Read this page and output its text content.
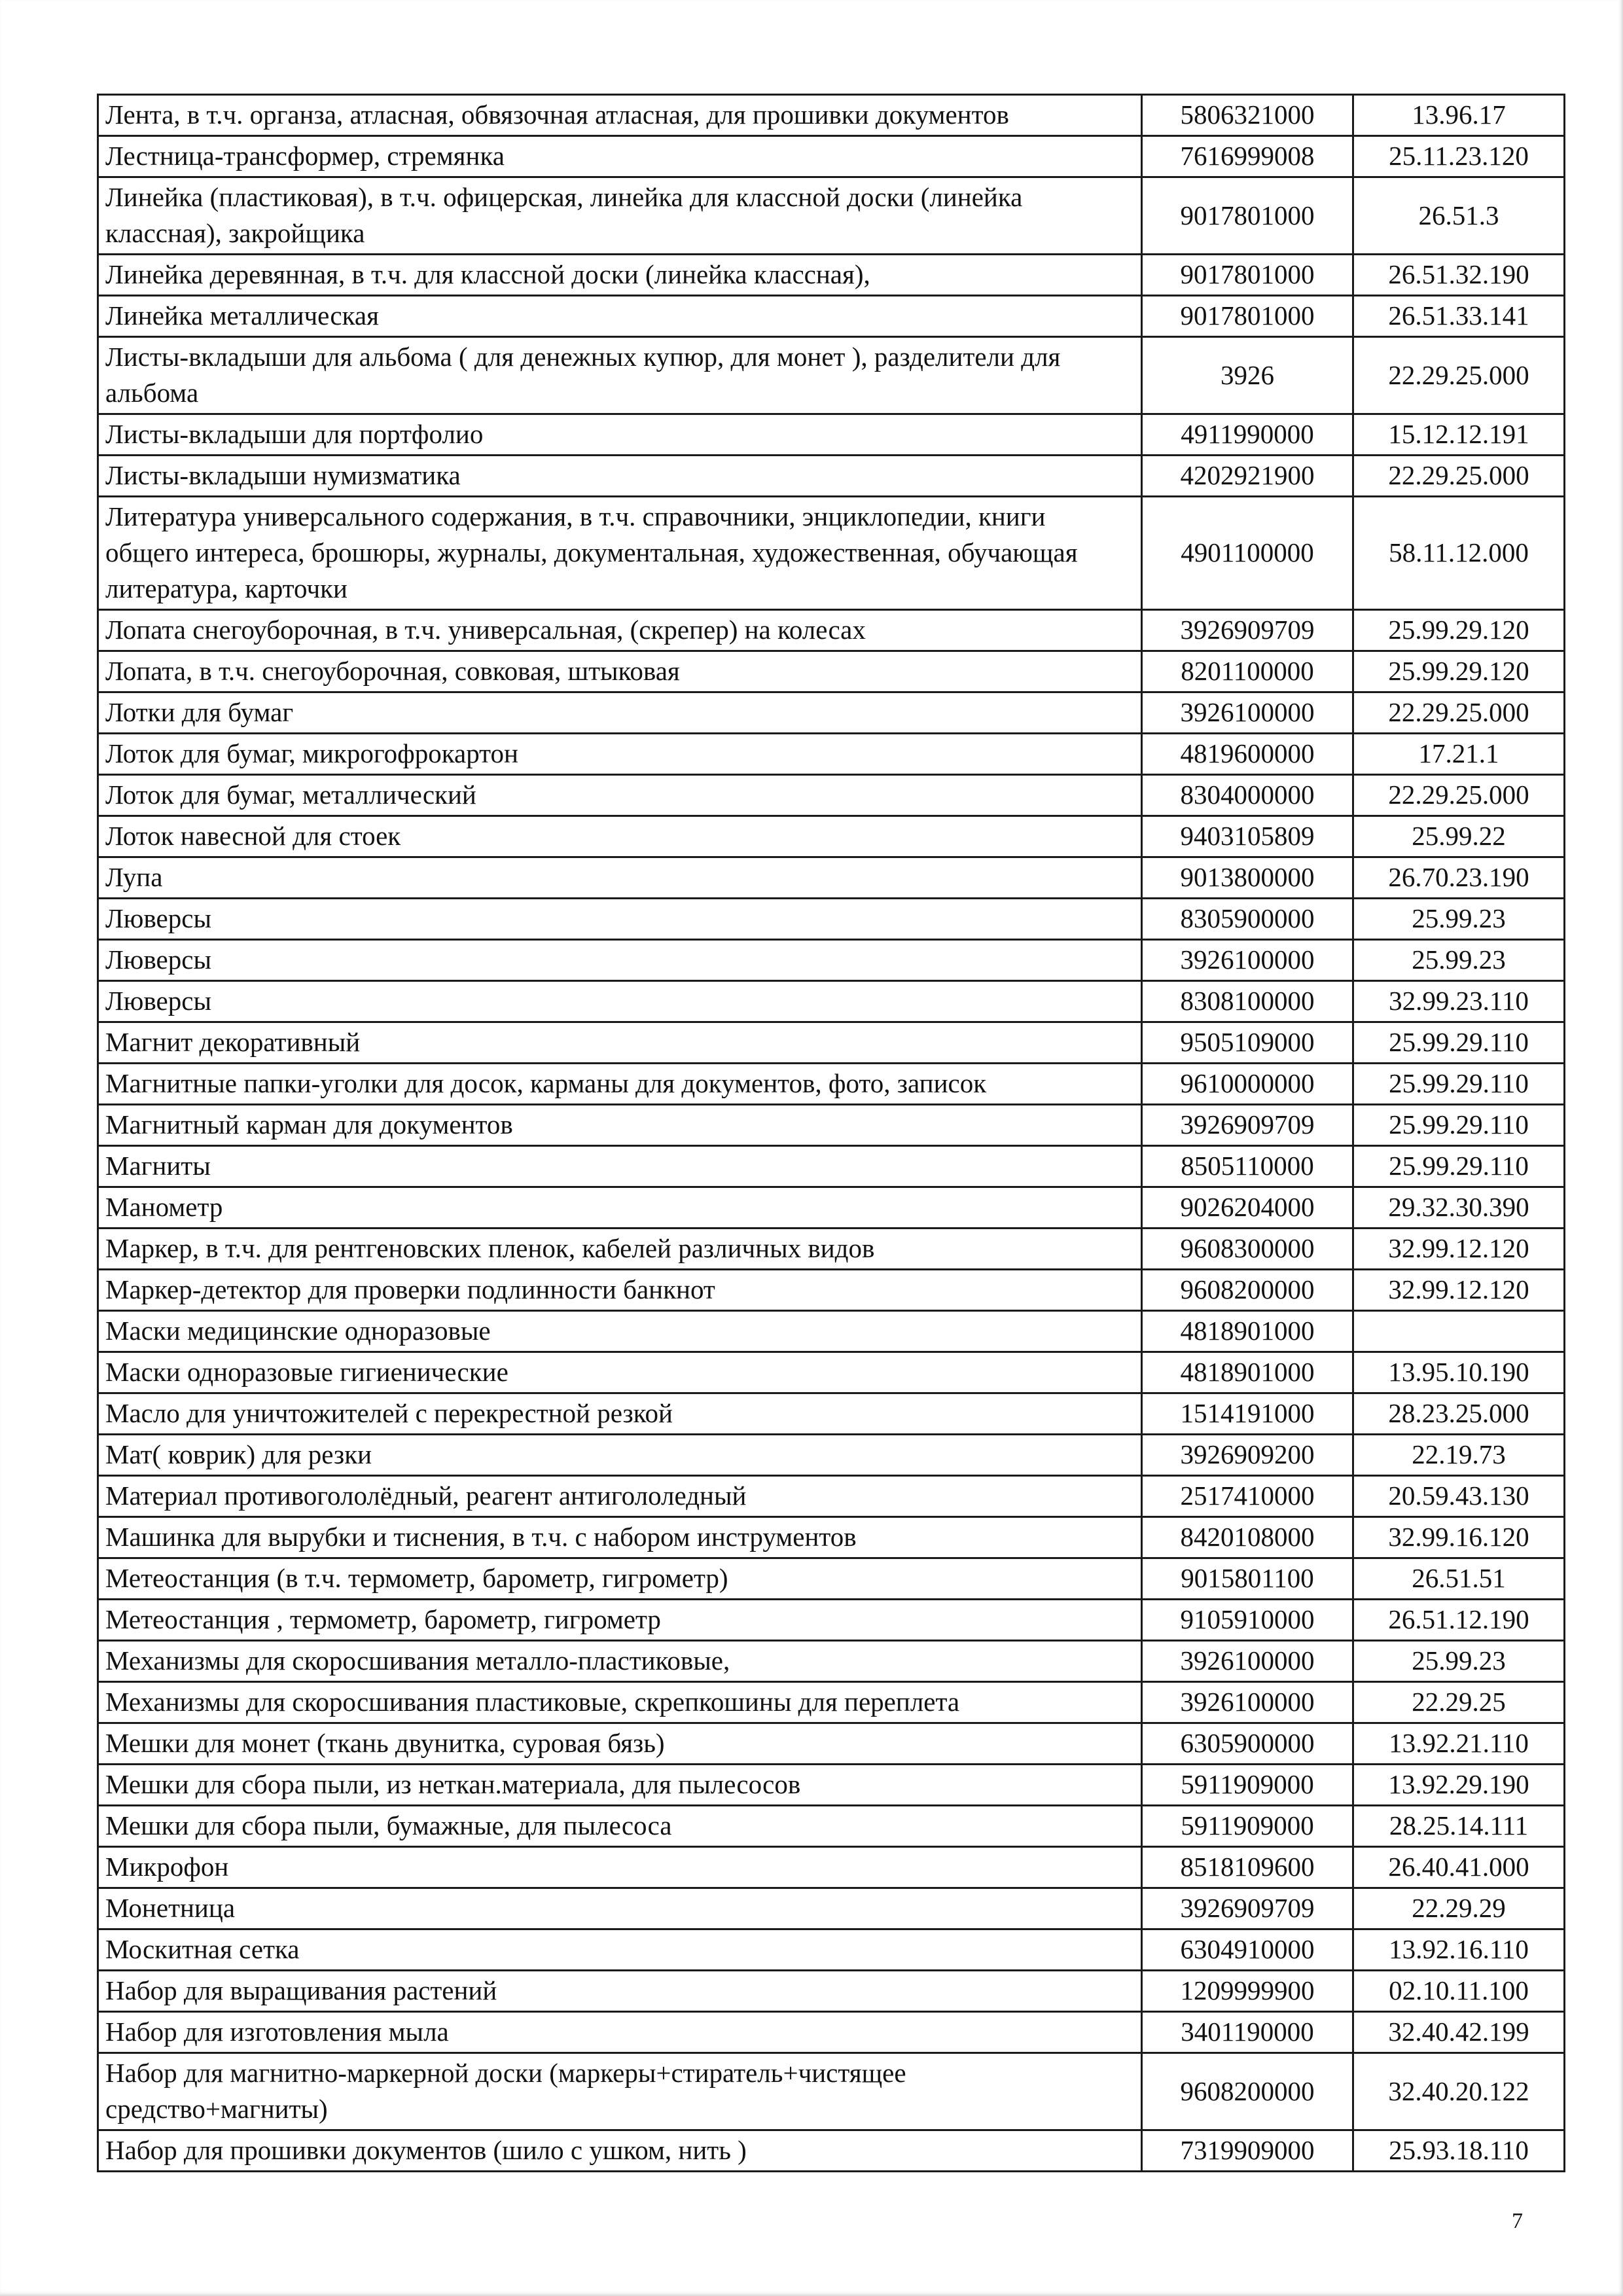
Лента, в т.ч. органза, атласная, обвязочная атласная, для прошивки документов	5806321000	13.96.17
Лестница-трансформер, стремянка	7616999008	25.11.23.120
Линейка (пластиковая), в т.ч. офицерская, линейка для классной доски (линейка классная), закройщика	9017801000	26.51.3
Линейка деревянная, в т.ч. для классной доски (линейка классная),	9017801000	26.51.32.190
Линейка металлическая	9017801000	26.51.33.141
Листы-вкладыши для альбома ( для денежных купюр, для монет ), разделители для альбома	3926	22.29.25.000
Листы-вкладыши для портфолио	4911990000	15.12.12.191
Листы-вкладыши нумизматика	4202921900	22.29.25.000
Литература универсального содержания, в т.ч. справочники, энциклопедии, книги общего интереса, брошюры, журналы, документальная, художественная, обучающая литература, карточки	4901100000	58.11.12.000
Лопата снегоуборочная, в т.ч. универсальная, (скрепер) на колесах	3926909709	25.99.29.120
Лопата, в т.ч. снегоуборочная, совковая, штыковая	8201100000	25.99.29.120
Лотки для бумаг	3926100000	22.29.25.000
Лоток для бумаг, микрогофрокартон	4819600000	17.21.1
Лоток для бумаг, металлический	8304000000	22.29.25.000
Лоток навесной для стоек	9403105809	25.99.22
Лупа	9013800000	26.70.23.190
Люверсы	8305900000	25.99.23
Люверсы	3926100000	25.99.23
Люверсы	8308100000	32.99.23.110
Магнит декоративный	9505109000	25.99.29.110
Магнитные папки-уголки для досок, карманы для документов, фото, записок	9610000000	25.99.29.110
Магнитный карман для документов	3926909709	25.99.29.110
Магниты	8505110000	25.99.29.110
Манометр	9026204000	29.32.30.390
Маркер, в т.ч. для рентгеновских пленок, кабелей различных видов	9608300000	32.99.12.120
Маркер-детектор для проверки подлинности банкнот	9608200000	32.99.12.120
Маски медицинские одноразовые	4818901000	
Маски одноразовые гигиенические	4818901000	13.95.10.190
Масло для уничтожителей с перекрестной резкой	1514191000	28.23.25.000
Мат( коврик) для резки	3926909200	22.19.73
Материал противогололёдный, реагент антигололедный	2517410000	20.59.43.130
Машинка для вырубки и тиснения, в т.ч. с набором инструментов	8420108000	32.99.16.120
Метеостанция (в т.ч. термометр, барометр, гигрометр)	9015801100	26.51.51
Метеостанция , термометр, барометр, гигрометр	9105910000	26.51.12.190
Механизмы для скоросшивания металло-пластиковые,	3926100000	25.99.23
Механизмы для скоросшивания пластиковые, скрепкошины для переплета	3926100000	22.29.25
Мешки для монет (ткань двунитка, суровая бязь)	6305900000	13.92.21.110
Мешки для сбора пыли, из неткан.материала, для пылесосов	5911909000	13.92.29.190
Мешки для сбора пыли, бумажные, для пылесоса	5911909000	28.25.14.111
Микрофон	8518109600	26.40.41.000
Монетница	3926909709	22.29.29
Москитная сетка	6304910000	13.92.16.110
Набор для выращивания растений	1209999900	02.10.11.100
Набор для изготовления мыла	3401190000	32.40.42.199
Набор для магнитно-маркерной доски (маркеры+стиратель+чистящее средство+магниты)	9608200000	32.40.20.122
Набор для прошивки документов (шило с ушком, нить )	7319909000	25.93.18.110
7
